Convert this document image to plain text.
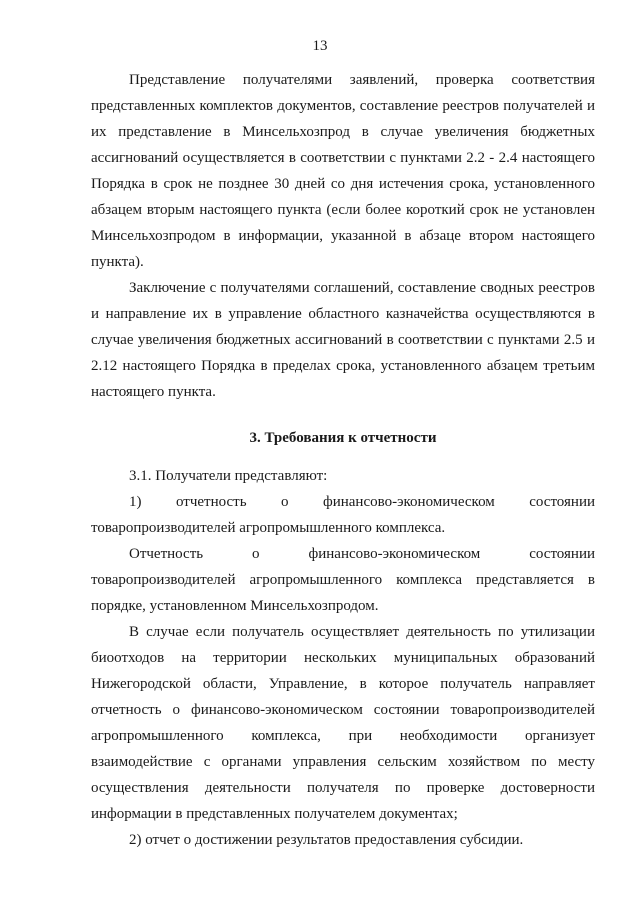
13

Представление получателями заявлений, проверка соответствия представленных комплектов документов, составление реестров получателей и их представление в Минсельхозпрод в случае увеличения бюджетных ассигнований осуществляется в соответствии с пунктами 2.2 - 2.4 настоящего Порядка в срок не позднее 30 дней со дня истечения срока, установленного абзацем вторым настоящего пункта (если более короткий срок не установлен Минсельхозпродом в информации, указанной в абзаце втором настоящего пункта).

Заключение с получателями соглашений, составление сводных реестров и направление их в управление областного казначейства осуществляются в случае увеличения бюджетных ассигнований в соответствии с пунктами 2.5 и 2.12 настоящего Порядка в пределах срока, установленного абзацем третьим настоящего пункта.

3. Требования к отчетности

3.1. Получатели представляют:

1) отчетность о финансово-экономическом состоянии товаропроизводителей агропромышленного комплекса.

Отчетность о финансово-экономическом состоянии товаропроизводителей агропромышленного комплекса представляется в порядке, установленном Минсельхозпродом.

В случае если получатель осуществляет деятельность по утилизации биоотходов на территории нескольких муниципальных образований Нижегородской области, Управление, в которое получатель направляет отчетность о финансово-экономическом состоянии товаропроизводителей агропромышленного комплекса, при необходимости организует взаимодействие с органами управления сельским хозяйством по месту осуществления деятельности получателя по проверке достоверности информации в представленных получателем документах;

2) отчет о достижении результатов предоставления субсидии.
